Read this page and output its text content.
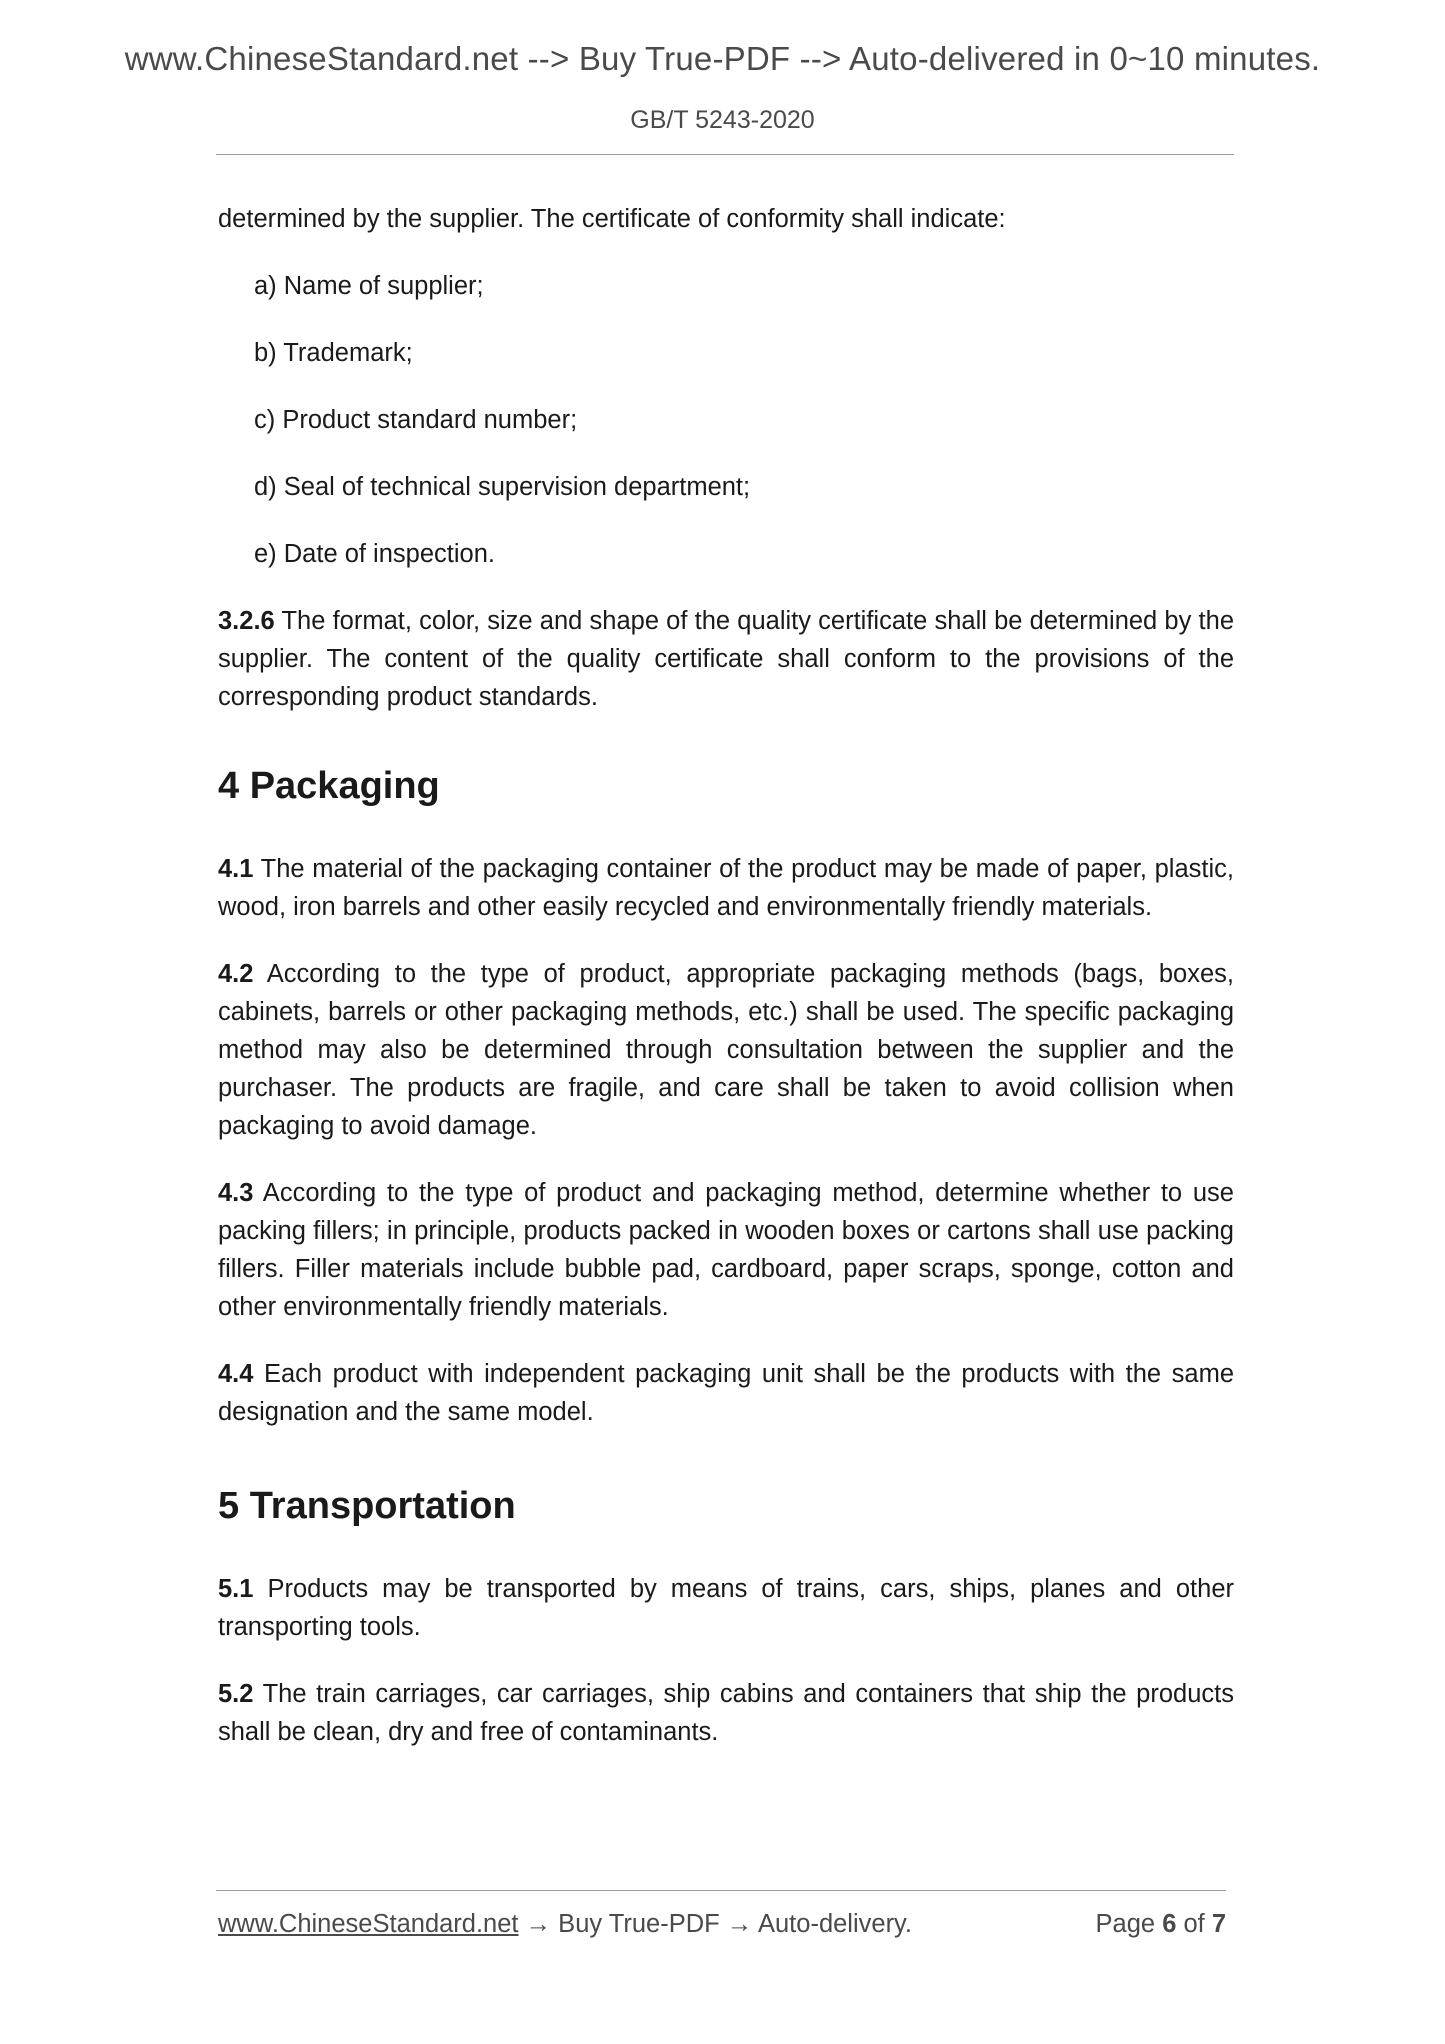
www.ChineseStandard.net --> Buy True-PDF --> Auto-delivered in 0~10 minutes.
GB/T 5243-2020

determined by the supplier. The certificate of conformity shall indicate:

a) Name of supplier;

b) Trademark;

c) Product standard number;

d) Seal of technical supervision department;

e) Date of inspection.

3.2.6 The format, color, size and shape of the quality certificate shall be determined by the supplier. The content of the quality certificate shall conform to the provisions of the corresponding product standards.

4 Packaging

4.1 The material of the packaging container of the product may be made of paper, plastic, wood, iron barrels and other easily recycled and environmentally friendly materials.

4.2 According to the type of product, appropriate packaging methods (bags, boxes, cabinets, barrels or other packaging methods, etc.) shall be used. The specific packaging method may also be determined through consultation between the supplier and the purchaser. The products are fragile, and care shall be taken to avoid collision when packaging to avoid damage.

4.3 According to the type of product and packaging method, determine whether to use packing fillers; in principle, products packed in wooden boxes or cartons shall use packing fillers. Filler materials include bubble pad, cardboard, paper scraps, sponge, cotton and other environmentally friendly materials.

4.4 Each product with independent packaging unit shall be the products with the same designation and the same model.

5 Transportation

5.1 Products may be transported by means of trains, cars, ships, planes and other transporting tools.

5.2 The train carriages, car carriages, ship cabins and containers that ship the products shall be clean, dry and free of contaminants.

www.ChineseStandard.net → Buy True-PDF → Auto-delivery.	Page 6 of 7
